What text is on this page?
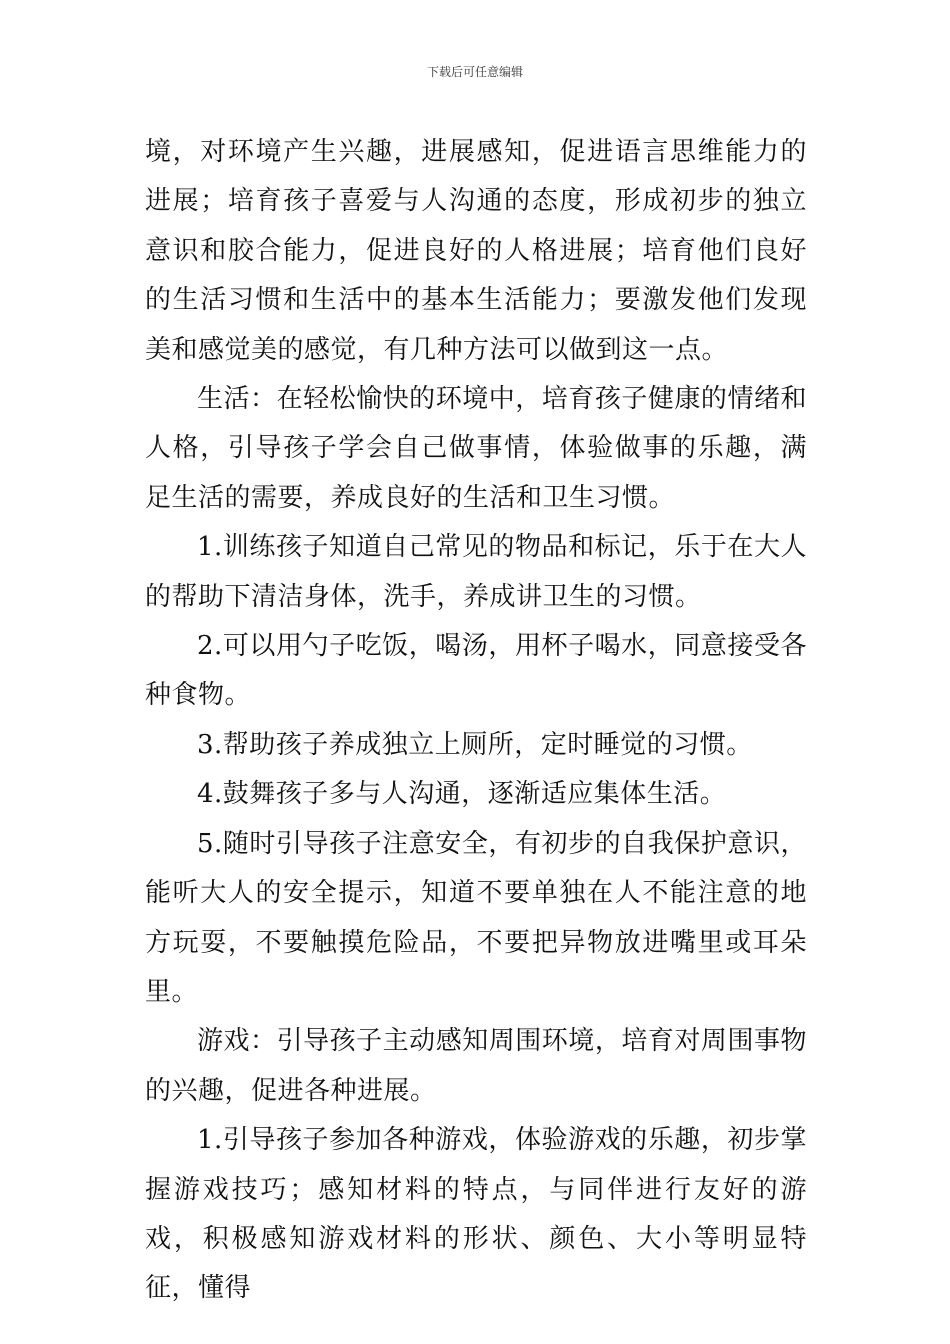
下载后可任意编辑

境，对环境产生兴趣，进展感知，促进语言思维能力的进展；培育孩子喜爱与人沟通的态度，形成初步的独立意识和胶合能力，促进良好的人格进展；培育他们良好的生活习惯和生活中的基本生活能力；要激发他们发现美和感觉美的感觉，有几种方法可以做到这一点。

生活：在轻松愉快的环境中，培育孩子健康的情绪和人格，引导孩子学会自己做事情，体验做事的乐趣，满足生活的需要，养成良好的生活和卫生习惯。

1.训练孩子知道自己常见的物品和标记，乐于在大人的帮助下清洁身体，洗手，养成讲卫生的习惯。

2.可以用勺子吃饭，喝汤，用杯子喝水，同意接受各种食物。

3.帮助孩子养成独立上厕所，定时睡觉的习惯。

4.鼓舞孩子多与人沟通，逐渐适应集体生活。

5.随时引导孩子注意安全，有初步的自我保护意识，能听大人的安全提示，知道不要单独在人不能注意的地方玩耍，不要触摸危险品，不要把异物放进嘴里或耳朵里。

游戏：引导孩子主动感知周围环境，培育对周围事物的兴趣，促进各种进展。

1.引导孩子参加各种游戏，体验游戏的乐趣，初步掌握游戏技巧；感知材料的特点，与同伴进行友好的游戏，积极感知游戏材料的形状、颜色、大小等明显特征，懂得
